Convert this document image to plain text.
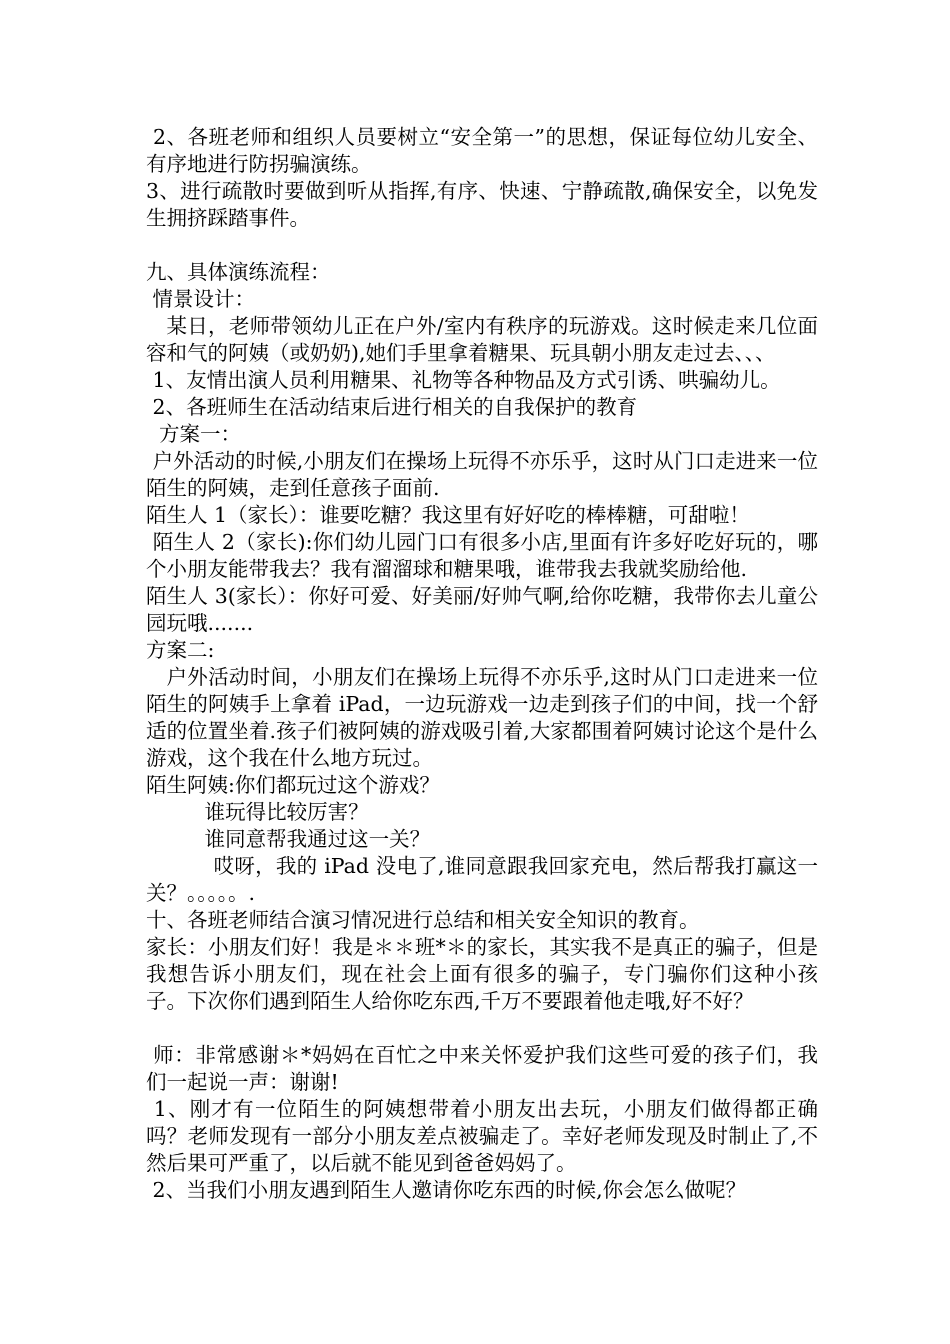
2、各班老师和组织人员要树立“安全第一”的思想，保证每位幼儿安全、有序地进行防拐骗演练。

3、进行疏散时要做到听从指挥,有序、快速、宁静疏散,确保安全，以免发生拥挤踩踏事件。

九、具体演练流程：

情景设计：

某日，老师带领幼儿正在户外/室内有秩序的玩游戏。这时候走来几位面容和气的阿姨（或奶奶),她们手里拿着糖果、玩具朝小朋友走过去、、、

1、友情出演人员利用糖果、礼物等各种物品及方式引诱、哄骗幼儿。

2、各班师生在活动结束后进行相关的自我保护的教育

方案一：

户外活动的时候,小朋友们在操场上玩得不亦乐乎，这时从门口走进来一位陌生的阿姨，走到任意孩子面前.

陌生人 1（家长）：谁要吃糖？我这里有好好吃的棒棒糖，可甜啦！

陌生人 2（家长):你们幼儿园门口有很多小店,里面有许多好吃好玩的，哪个小朋友能带我去？我有溜溜球和糖果哦，谁带我去我就奖励给他.

陌生人 3(家长）：你好可爱、好美丽/好帅气啊,给你吃糖，我带你去儿童公园玩哦.......

方案二:

户外活动时间，小朋友们在操场上玩得不亦乐乎,这时从门口走进来一位陌生的阿姨手上拿着 iPad，一边玩游戏一边走到孩子们的中间，找一个舒适的位置坐着.孩子们被阿姨的游戏吸引着,大家都围着阿姨讨论这个是什么游戏，这个我在什么地方玩过。

陌生阿姨:你们都玩过这个游戏？

谁玩得比较厉害？

谁同意帮我通过这一关？

哎呀，我的 iPad 没电了,谁同意跟我回家充电，然后帮我打赢这一关？。。。。。.

十、各班老师结合演习情况进行总结和相关安全知识的教育。

家长：小朋友们好！我是＊＊班*＊的家长，其实我不是真正的骗子，但是我想告诉小朋友们，现在社会上面有很多的骗子，专门骗你们这种小孩子。下次你们遇到陌生人给你吃东西,千万不要跟着他走哦,好不好？

师：非常感谢＊*妈妈在百忙之中来关怀爱护我们这些可爱的孩子们，我们一起说一声：谢谢!

1、刚才有一位陌生的阿姨想带着小朋友出去玩，小朋友们做得都正确吗？老师发现有一部分小朋友差点被骗走了。幸好老师发现及时制止了,不然后果可严重了，以后就不能见到爸爸妈妈了。

2、当我们小朋友遇到陌生人邀请你吃东西的时候,你会怎么做呢？
